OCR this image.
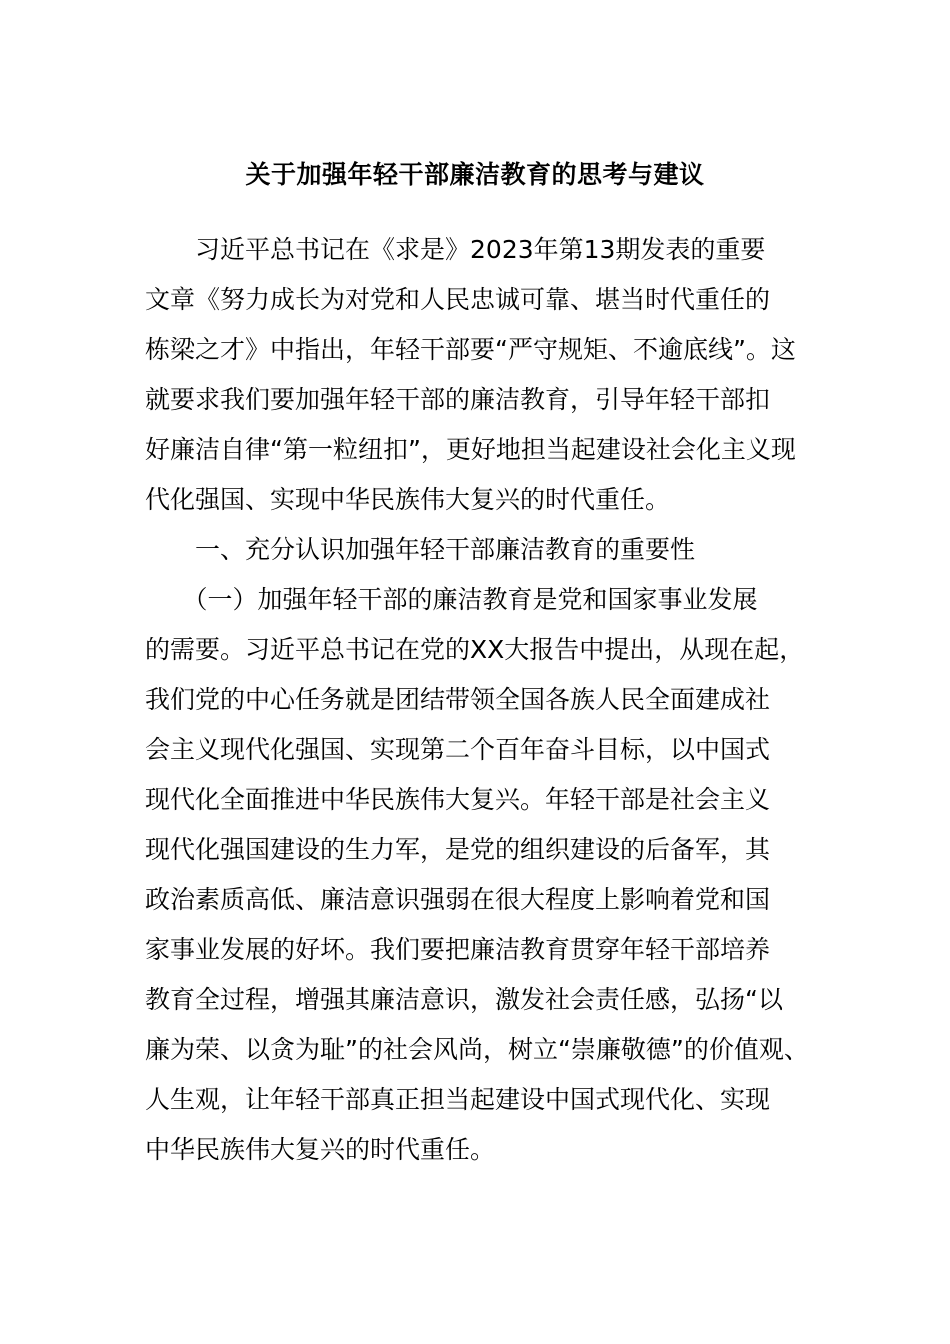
关于加强年轻干部廉洁教育的思考与建议

　　习近平总书记在《求是》2023年第13期发表的重要

文章《努力成长为对党和人民忠诚可靠、堪当时代重任的

栋梁之才》中指出，年轻干部要“严守规矩、不逾底线”。这

就要求我们要加强年轻干部的廉洁教育，引导年轻干部扣

好廉洁自律“第一粒纽扣”，更好地担当起建设社会化主义现

代化强国、实现中华民族伟大复兴的时代重任。

　　一、充分认识加强年轻干部廉洁教育的重要性

　　（一）加强年轻干部的廉洁教育是党和国家事业发展

的需要。习近平总书记在党的XX大报告中提出，从现在起，

我们党的中心任务就是团结带领全国各族人民全面建成社

会主义现代化强国、实现第二个百年奋斗目标，以中国式

现代化全面推进中华民族伟大复兴。年轻干部是社会主义

现代化强国建设的生力军，是党的组织建设的后备军，其

政治素质高低、廉洁意识强弱在很大程度上影响着党和国

家事业发展的好坏。我们要把廉洁教育贯穿年轻干部培养

教育全过程，增强其廉洁意识，激发社会责任感，弘扬“以

廉为荣、以贪为耻”的社会风尚，树立“崇廉敬德”的价值观、

人生观，让年轻干部真正担当起建设中国式现代化、实现

中华民族伟大复兴的时代重任。
